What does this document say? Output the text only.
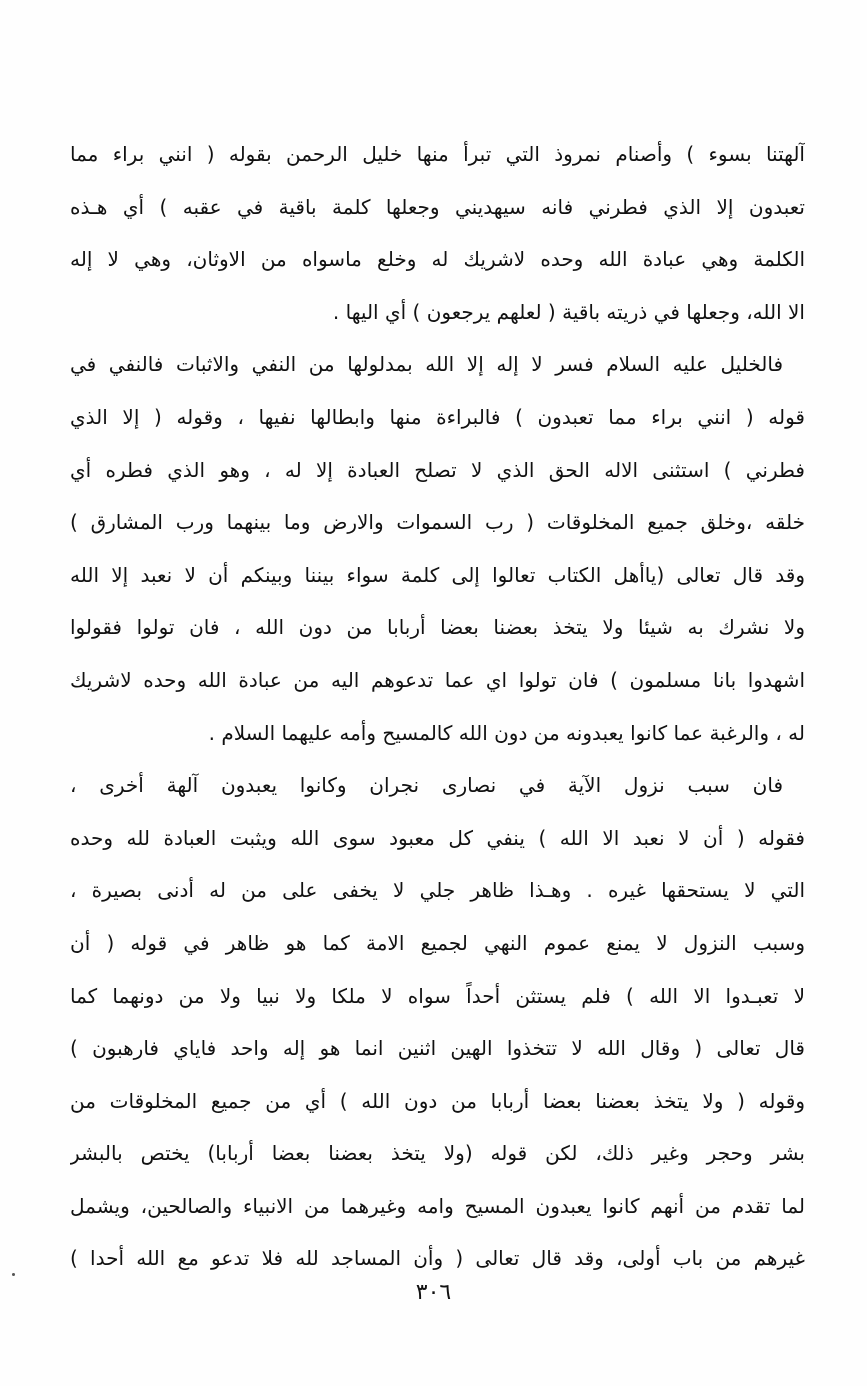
آلهتنا بسوء ) وأصنام نمروذ التي تبرأ منها خليل الرحمن بقوله ( انني براء مما
تعبدون إلا الذي فطرني فانه سيهديني وجعلها كلمة باقية في عقبه ) أي هـذه
الكلمة وهي عبادة الله وحده لاشريك له وخلع ماسواه من الاوثان، وهي لا إله
الا الله، وجعلها في ذريته باقية ( لعلهم يرجعون ) أي اليها .
فالخليل عليه السلام فسر لا إله إلا الله بمدلولها من النفي والاثبات فالنفي في
قوله ( انني براء مما تعبدون ) فالبراءة منها وابطالها نفيها ، وقوله ( إلا الذي
فطرني ) استثنى الاله الحق الذي لا تصلح العبادة إلا له ، وهو الذي فطره أي
خلقه ،وخلق جميع المخلوقات ( رب السموات والارض وما بينهما ورب المشارق )
وقد قال تعالى (ياأهل الكتاب تعالوا إلى كلمة سواء بيننا وبينكم أن لا نعبد إلا الله
ولا نشرك به شيئا ولا يتخذ بعضنا بعضا أربابا من دون الله ، فان تولوا فقولوا
اشهدوا بانا مسلمون ) فان تولوا اي عما تدعوهم اليه من عبادة الله وحده لاشريك
له ، والرغبة عما كانوا يعبدونه من دون الله كالمسيح وأمه عليهما السلام .
فان سبب نزول الآية في نصارى نجران وكانوا يعبدون آلهة أخرى ،
فقوله ( أن لا نعبد الا الله ) ينفي كل معبود سوى الله ويثبت العبادة لله وحده
التي لا يستحقها غيره . وهـذا ظاهر جلي لا يخفى على من له أدنى بصيرة ،
وسبب النزول لا يمنع عموم النهي لجميع الامة كما هو ظاهر في قوله ( أن
لا تعبـدوا الا الله ) فلم يستثن أحداً سواه لا ملكا ولا نبيا ولا من دونهما كما
قال تعالى ( وقال الله لا تتخذوا الهين اثنين انما هو إله واحد فاياي فارهبون )
وقوله ( ولا يتخذ بعضنا بعضا أربابا من دون الله ) أي من جميع المخلوقات من
بشر وحجر وغير ذلك، لكن قوله (ولا يتخذ بعضنا بعضا أربابا) يختص بالبشر
لما تقدم من أنهم كانوا يعبدون المسيح وامه وغيرهما من الانبياء والصالحين، ويشمل
غيرهم من باب أولى، وقد قال تعالى ( وأن المساجد لله فلا تدعو مع الله أحدا )
٣٠٦
